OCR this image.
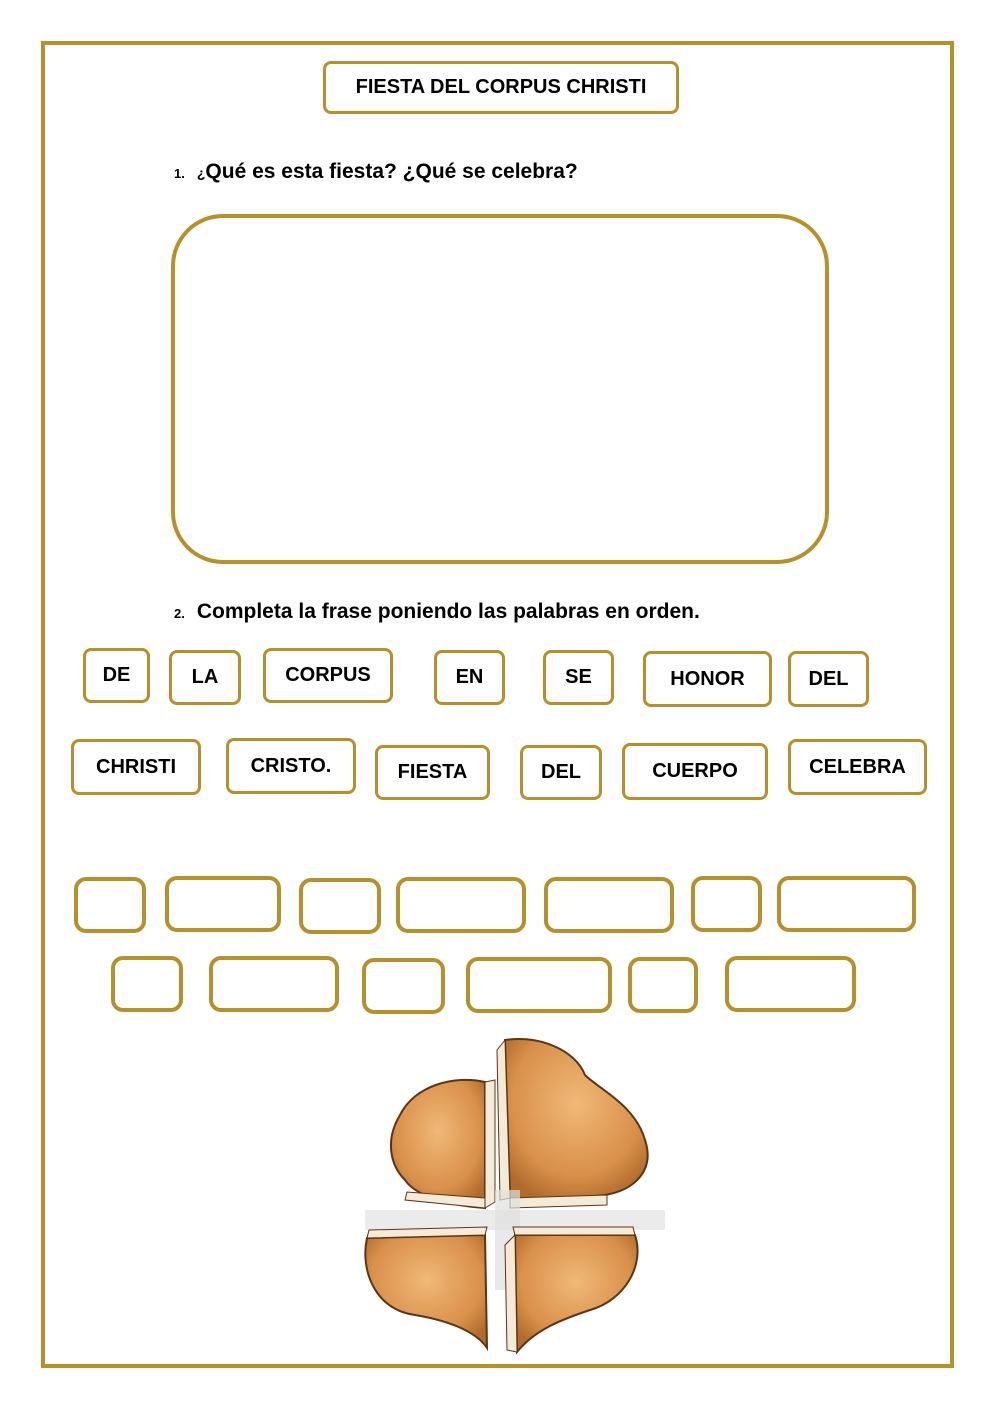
FIESTA DEL CORPUS CHRISTI
1. ¿ Qué es esta fiesta? ¿Qué se celebra?
2. Completa la frase poniendo las palabras en orden.
DE	LA	CORPUS	EN	SE	HONOR	DEL
CHRISTI	CRISTO.	FIESTA	DEL	CUERPO	CELEBRA
